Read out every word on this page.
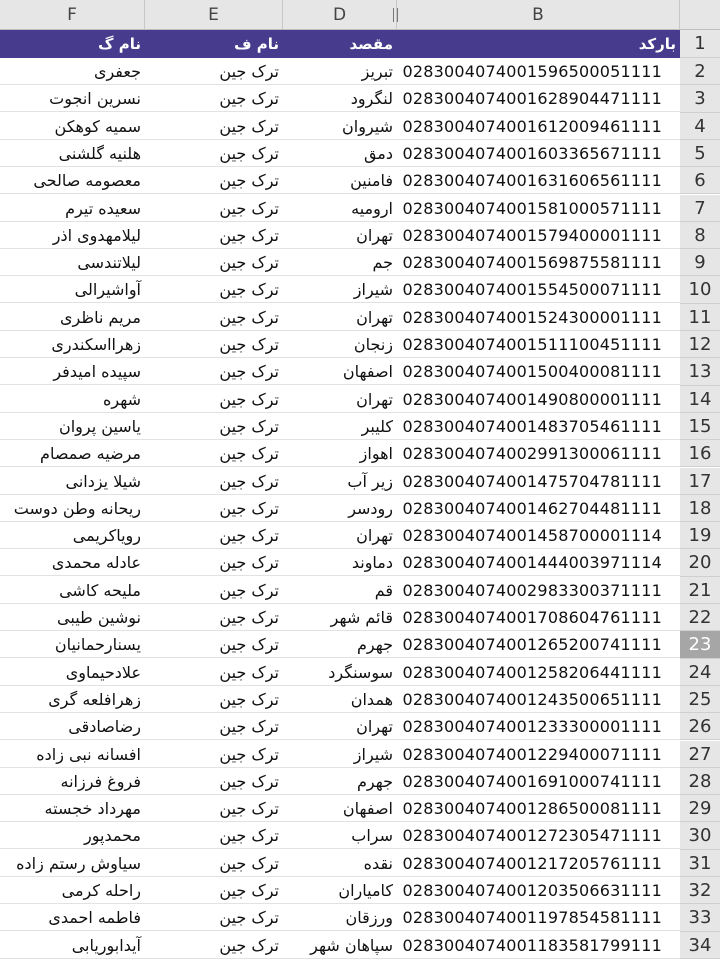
F	E	D	B
نام گ	نام ف	مقصد	بارکد	1
جعفری	ترک جین	تبریز 0283004074001596500051111	2
نسرین انجوت	ترک جین	لنگرود 0283004074001628904471111	3
سمیه کوهکن	ترک جین	شیروان 0283004074001612009461111	4
هلنیه گلشنی	ترک جین	دمق 0283004074001603365671111	5
معصومه صالحی	ترک جین	فامنین 0283004074001631606561111	6
سعیده تیرم	ترک جین	ارومیه 0283004074001581000571111	7
لیلامهدوی اذر	ترک جین	تهران 0283004074001579400001111	8
لیلاتندسی	ترک جین	جم 0283004074001569875581111	9
آواشیرالی	ترک جین	شیراز 0283004074001554500071111	10
مریم ناظری	ترک جین	تهران 0283004074001524300001111	11
زهرااسکندری	ترک جین	زنجان 0283004074001511100451111	12
سپیده امیدفر	ترک جین	اصفهان 0283004074001500400081111	13
شهره	ترک جین	تهران 0283004074001490800001111	14
یاسین پروان	ترک جین	کلیبر 0283004074001483705461111	15
مرضیه صمصام	ترک جین	اهواز 0283004074002991300061111	16
شیلا یزدانی	ترک جین	زیر آب 0283004074001475704781111	17
ریحانه وطن دوست	ترک جین	رودسر 0283004074001462704481111	18
رویاکریمی	ترک جین	تهران 0283004074001458700001114	19
عادله محمدی	ترک جین	دماوند 0283004074001444003971114	20
ملیحه کاشی	ترک جین	قم 0283004074002983300371111	21
نوشین طیبی	ترک جین	قائم شهر 0283004074001708604761111	22
یسنارحمانیان	ترک جین	جهرم 0283004074001265200741111	23
علادحیماوی	ترک جین	سوسنگرد 0283004074001258206441111	24
زهرافلعه گری	ترک جین	همدان 0283004074001243500651111	25
رضاصادقی	ترک جین	تهران 0283004074001233300001111	26
افسانه نبی زاده	ترک جین	شیراز 0283004074001229400071111	27
فروغ فرزانه	ترک جین	جهرم 0283004074001691000741111	28
مهرداد خجسته	ترک جین	اصفهان 0283004074001286500081111	29
محمدپور	ترک جین	سراب 0283004074001272305471111	30
سیاوش رستم زاده	ترک جین	نقده 0283004074001217205761111	31
راحله کرمی	ترک جین	کامیاران 0283004074001203506631111	32
فاطمه احمدی	ترک جین	ورزقان 0283004074001197854581111	33
آیدابوریابی	ترک جین	سپاهان شهر 0283004074001183581799111	34
